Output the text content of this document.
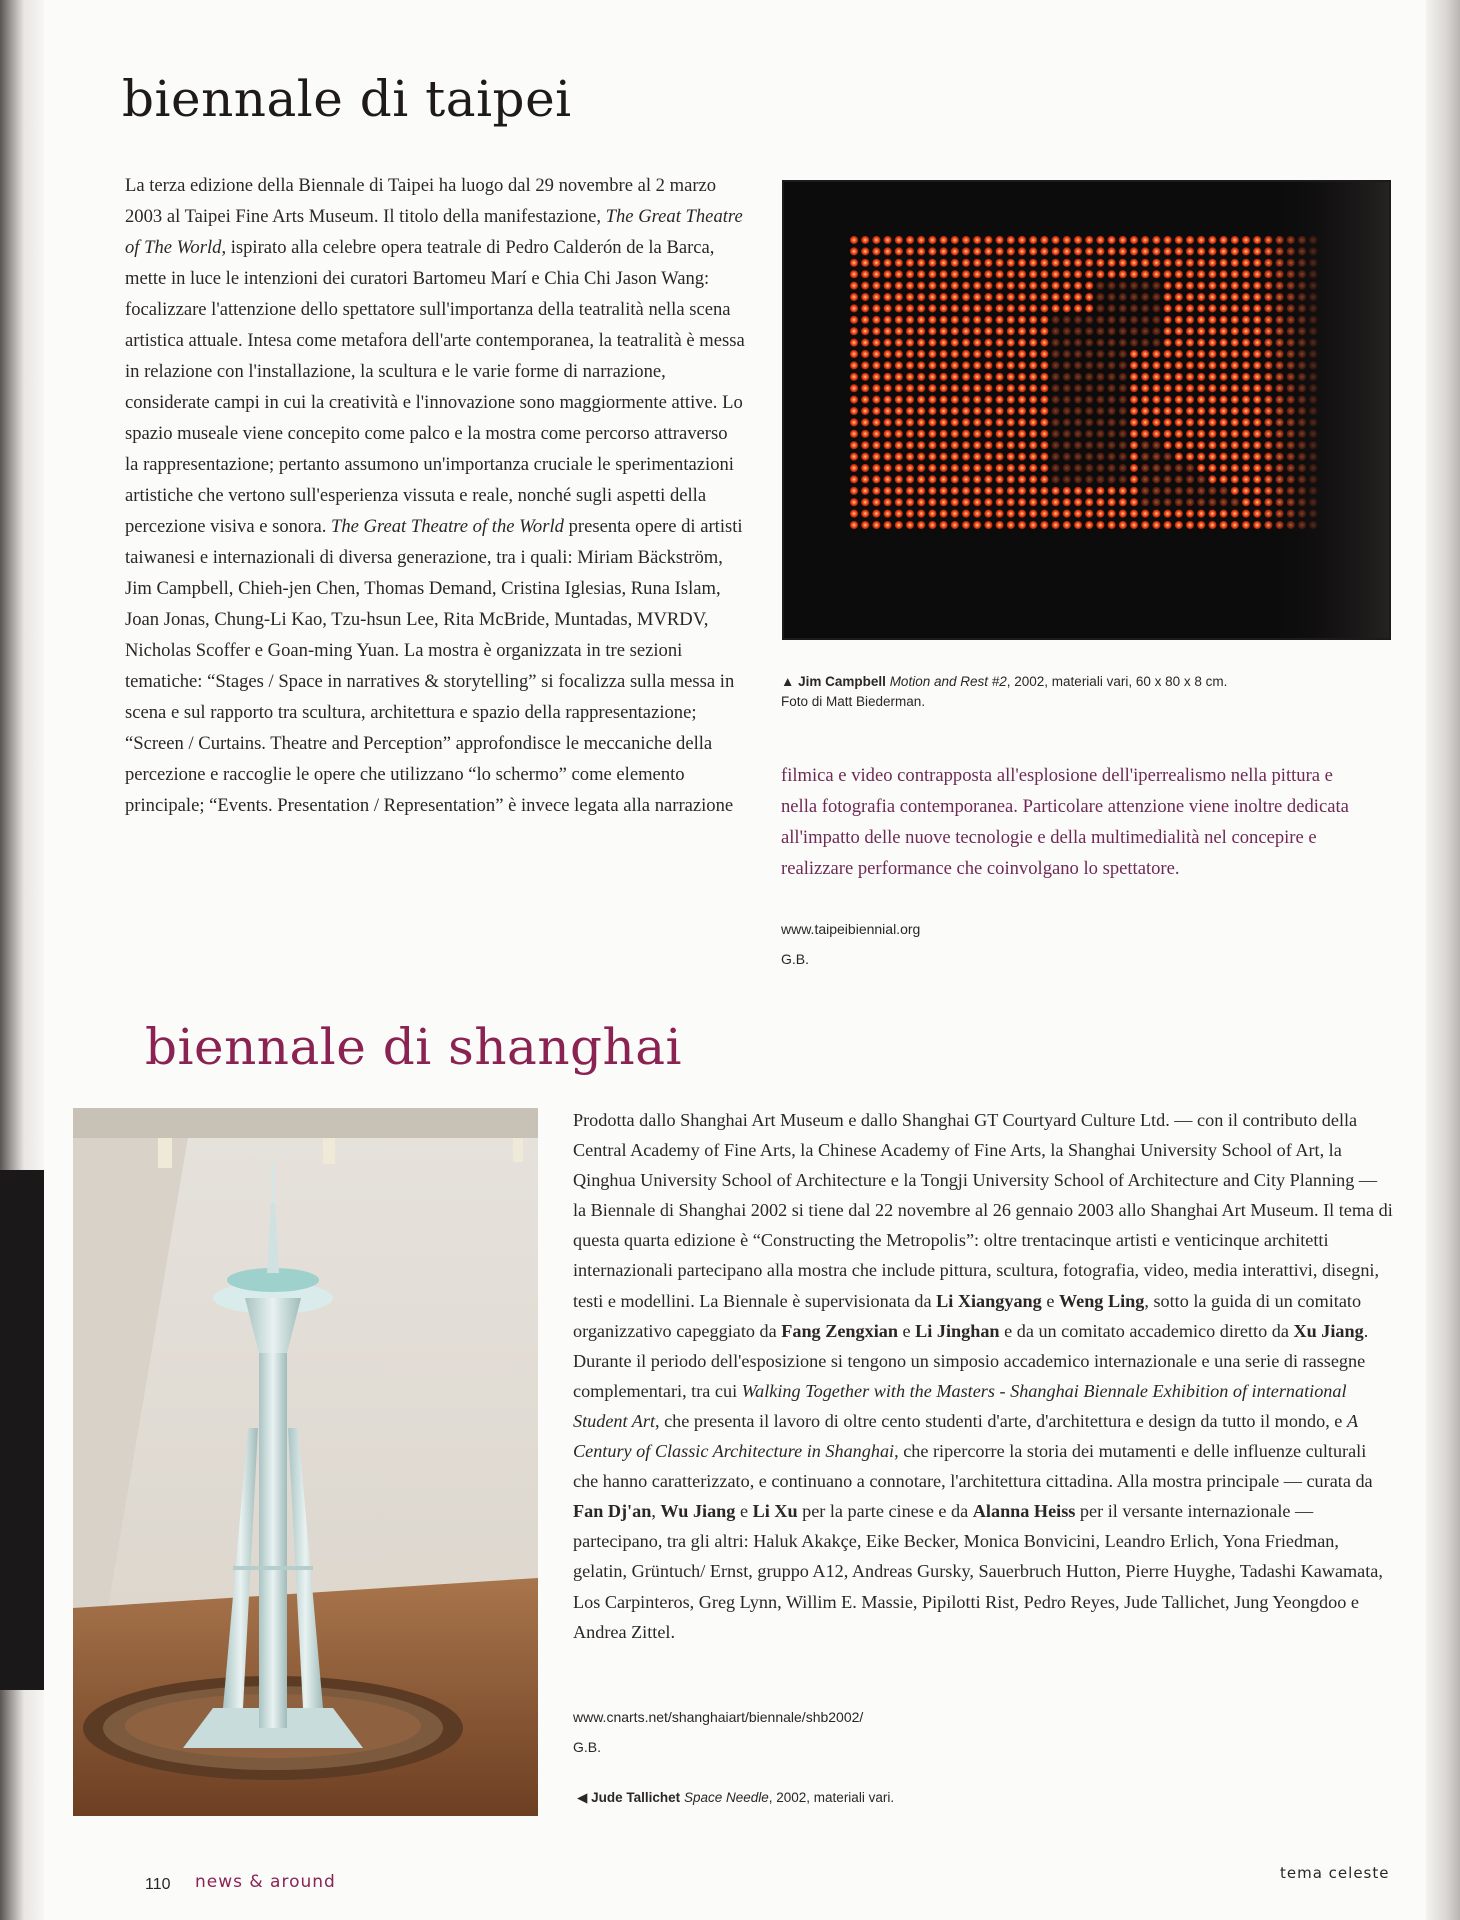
biennale di taipei

La terza edizione della Biennale di Taipei ha luogo dal 29 novembre al 2 marzo 2003 al Taipei Fine Arts Museum. Il titolo della manifestazione, The Great Theatre of The World, ispirato alla celebre opera teatrale di Pedro Calderón de la Barca, mette in luce le intenzioni dei curatori Bartomeu Marí e Chia Chi Jason Wang: focalizzare l'attenzione dello spettatore sull'importanza della teatralità nella scena artistica attuale. Intesa come metafora dell'arte contemporanea, la teatralità è messa in relazione con l'installazione, la scultura e le varie forme di narrazione, considerate campi in cui la creatività e l'innovazione sono maggiormente attive. Lo spazio museale viene concepito come palco e la mostra come percorso attraverso la rappresentazione; pertanto assumono un'importanza cruciale le sperimentazioni artistiche che vertono sull'esperienza vissuta e reale, nonché sugli aspetti della percezione visiva e sonora. The Great Theatre of the World presenta opere di artisti taiwanesi e internazionali di diversa generazione, tra i quali: Miriam Bäckström, Jim Campbell, Chieh-jen Chen, Thomas Demand, Cristina Iglesias, Runa Islam, Joan Jonas, Chung-Li Kao, Tzu-hsun Lee, Rita McBride, Muntadas, MVRDV, Nicholas Scoffer e Goan-ming Yuan. La mostra è organizzata in tre sezioni tematiche: “Stages / Space in narratives & storytelling” si focalizza sulla messa in scena e sul rapporto tra scultura, architettura e spazio della rappresentazione; “Screen / Curtains. Theatre and Perception” approfondisce le meccaniche della percezione e raccoglie le opere che utilizzano “lo schermo” come elemento principale; “Events. Presentation / Representation” è invece legata alla narrazione

▲ Jim Campbell Motion and Rest #2, 2002, materiali vari, 60 x 80 x 8 cm.
Foto di Matt Biederman.

filmica e video contrapposta all'esplosione dell'iperrealismo nella pittura e nella fotografia contemporanea. Particolare attenzione viene inoltre dedicata all'impatto delle nuove tecnologie e della multimedialità nel concepire e realizzare performance che coinvolgano lo spettatore.

www.taipeibiennial.org
G.B.
biennale di shanghai

Prodotta dallo Shanghai Art Museum e dallo Shanghai GT Courtyard Culture Ltd. — con il contributo della Central Academy of Fine Arts, la Chinese Academy of Fine Arts, la Shanghai University School of Art, la Qinghua University School of Architecture e la Tongji University School of Architecture and City Planning — la Biennale di Shanghai 2002 si tiene dal 22 novembre al 26 gennaio 2003 allo Shanghai Art Museum. Il tema di questa quarta edizione è “Constructing the Metropolis”: oltre trentacinque artisti e venticinque architetti internazionali partecipano alla mostra che include pittura, scultura, fotografia, video, media interattivi, disegni, testi e modellini. La Biennale è supervisionata da Li Xiangyang e Weng Ling, sotto la guida di un comitato organizzativo capeggiato da Fang Zengxian e Li Jinghan e da un comitato accademico diretto da Xu Jiang. Durante il periodo dell'esposizione si tengono un simposio accademico internazionale e una serie di rassegne complementari, tra cui Walking Together with the Masters - Shanghai Biennale Exhibition of international Student Art, che presenta il lavoro di oltre cento studenti d'arte, d'architettura e design da tutto il mondo, e A Century of Classic Architecture in Shanghai, che ripercorre la storia dei mutamenti e delle influenze culturali che hanno caratterizzato, e continuano a connotare, l'architettura cittadina. Alla mostra principale — curata da Fan Dj'an, Wu Jiang e Li Xu per la parte cinese e da Alanna Heiss per il versante internazionale — partecipano, tra gli altri: Haluk Akakçe, Eike Becker, Monica Bonvicini, Leandro Erlich, Yona Friedman, gelatin, Grüntuch/ Ernst, gruppo A12, Andreas Gursky, Sauerbruch Hutton, Pierre Huyghe, Tadashi Kawamata, Los Carpinteros, Greg Lynn, Willim E. Massie, Pipilotti Rist, Pedro Reyes, Jude Tallichet, Jung Yeongdoo e Andrea Zittel.

www.cnarts.net/shanghaiart/biennale/shb2002/
G.B.

◀ Jude Tallichet Space Needle, 2002, materiali vari.

110 news & around	tema celeste
